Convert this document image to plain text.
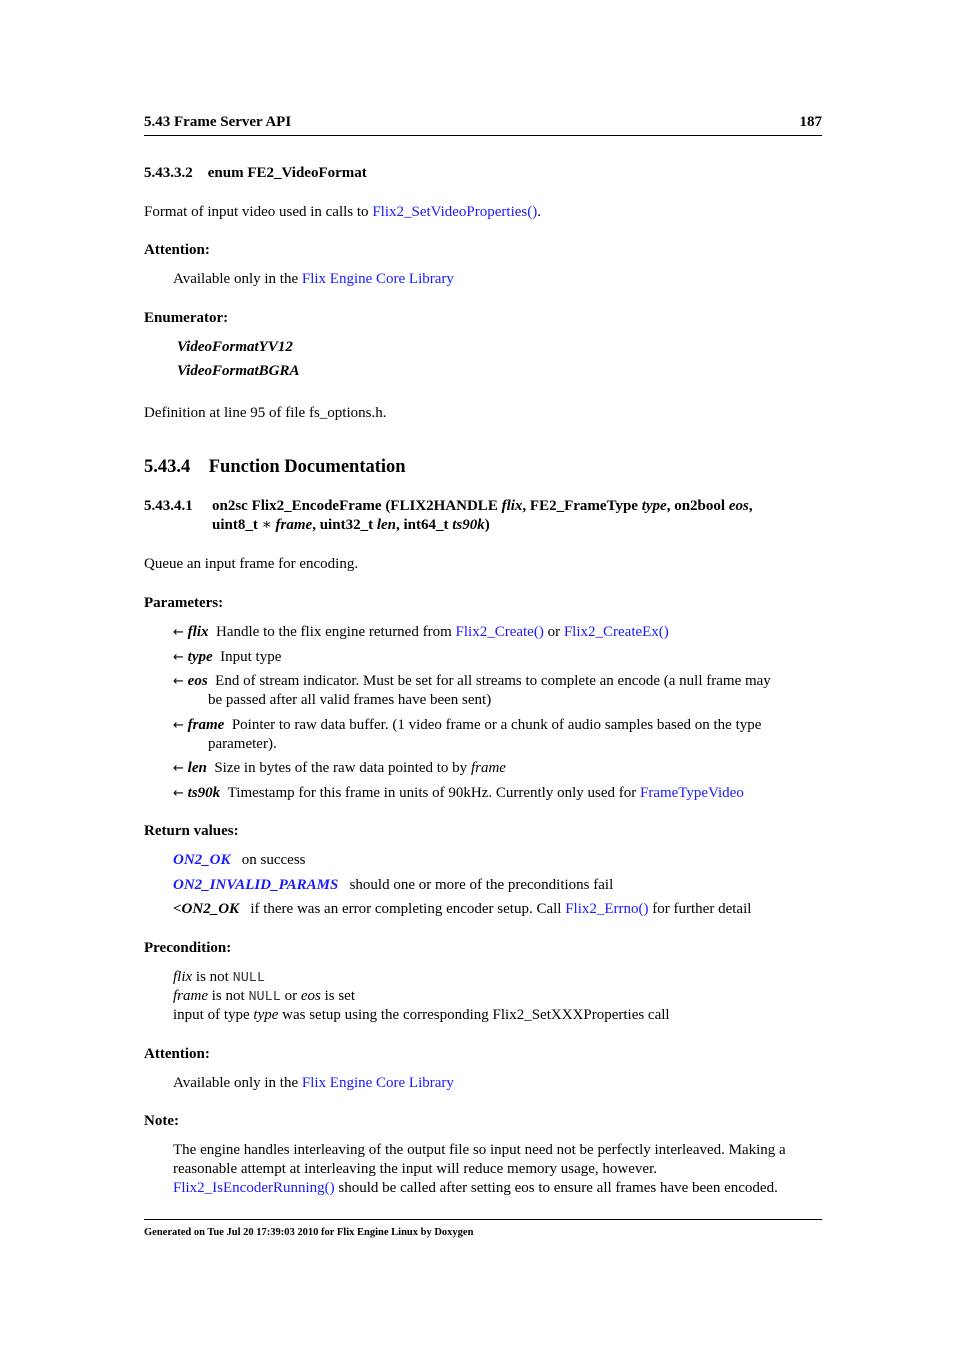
5.43 Frame Server API	187
5.43.3.2 enum FE2_VideoFormat
Format of input video used in calls to Flix2_SetVideoProperties().
Attention:
Available only in the Flix Engine Core Library
Enumerator:
VideoFormatYV12
VideoFormatBGRA
Definition at line 95 of file fs_options.h.
5.43.4 Function Documentation
5.43.4.1 on2sc Flix2_EncodeFrame (FLIX2HANDLE flix, FE2_FrameType type, on2bool eos,
uint8_t ∗ frame, uint32_t len, int64_t ts90k)
Queue an input frame for encoding.
Parameters:
← flix Handle to the flix engine returned from Flix2_Create() or Flix2_CreateEx()
← type Input type
← eos End of stream indicator. Must be set for all streams to complete an encode (a null frame may
be passed after all valid frames have been sent)
← frame Pointer to raw data buffer. (1 video frame or a chunk of audio samples based on the type
parameter).
← len Size in bytes of the raw data pointed to by frame
← ts90k Timestamp for this frame in units of 90kHz. Currently only used for FrameTypeVideo
Return values:
ON2_OK on success
ON2_INVALID_PARAMS should one or more of the preconditions fail
<ON2_OK if there was an error completing encoder setup. Call Flix2_Errno() for further detail
Precondition:
flix is not NULL
frame is not NULL or eos is set
input of type type was setup using the corresponding Flix2_SetXXXProperties call
Attention:
Available only in the Flix Engine Core Library
Note:
The engine handles interleaving of the output file so input need not be perfectly interleaved. Making a
reasonable attempt at interleaving the input will reduce memory usage, however.
Flix2_IsEncoderRunning() should be called after setting eos to ensure all frames have been encoded.
Generated on Tue Jul 20 17:39:03 2010 for Flix Engine Linux by Doxygen
